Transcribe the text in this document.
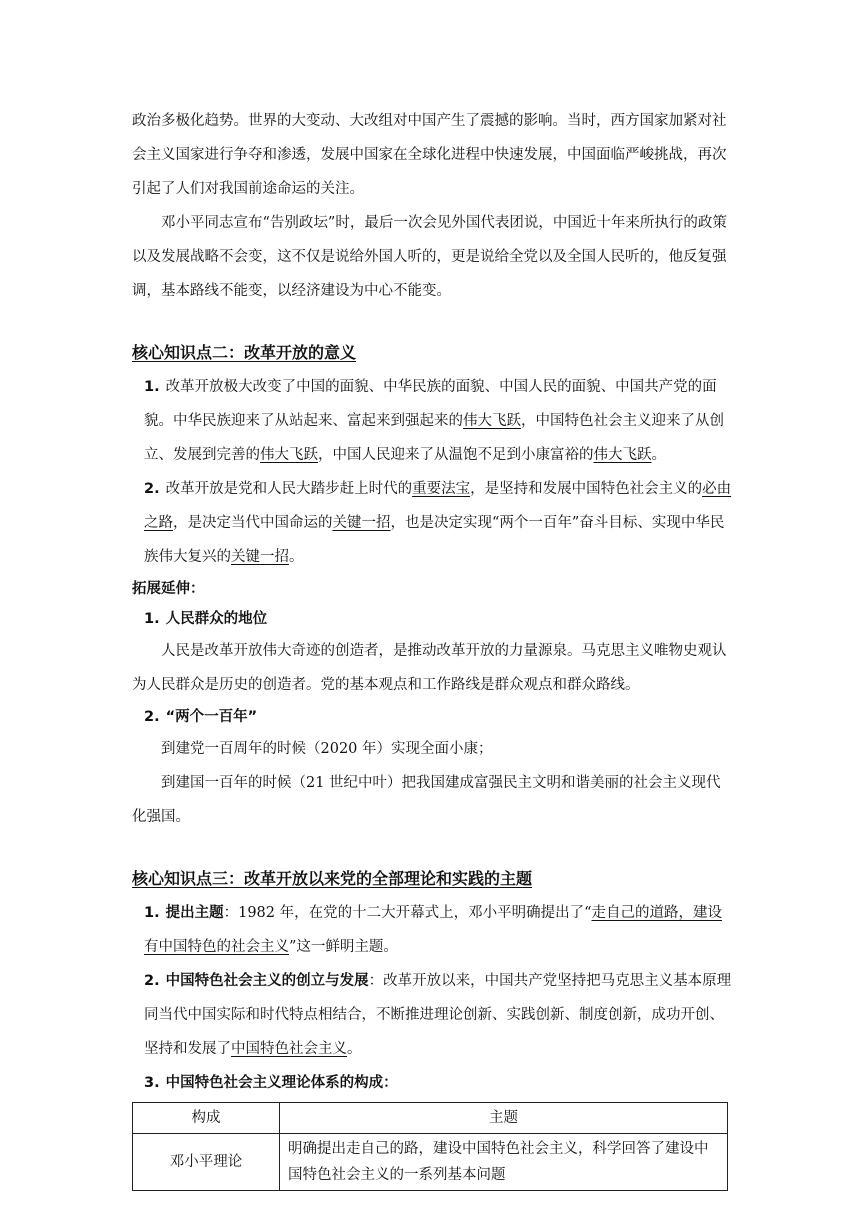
政治多极化趋势。世界的大变动、大改组对中国产生了震撼的影响。当时，西方国家加紧对社会主义国家进行争夺和渗透，发展中国家在全球化进程中快速发展，中国面临严峻挑战，再次引起了人们对我国前途命运的关注。

邓小平同志宣布“告别政坛”时，最后一次会见外国代表团说，中国近十年来所执行的政策以及发展战略不会变，这不仅是说给外国人听的，更是说给全党以及全国人民听的，他反复强调，基本路线不能变，以经济建设为中心不能变。

核心知识点二：改革开放的意义

1. 改革开放极大改变了中国的面貌、中华民族的面貌、中国人民的面貌、中国共产党的面貌。中华民族迎来了从站起来、富起来到强起来的伟大飞跃，中国特色社会主义迎来了从创立、发展到完善的伟大飞跃，中国人民迎来了从温饱不足到小康富裕的伟大飞跃。

2. 改革开放是党和人民大踏步赶上时代的重要法宝，是坚持和发展中国特色社会主义的必由之路，是决定当代中国命运的关键一招，也是决定实现“两个一百年”奋斗目标、实现中华民族伟大复兴的关键一招。

拓展延伸：

1. 人民群众的地位

人民是改革开放伟大奇迹的创造者，是推动改革开放的力量源泉。马克思主义唯物史观认为人民群众是历史的创造者。党的基本观点和工作路线是群众观点和群众路线。

2. “两个一百年”

到建党一百周年的时候（2020 年）实现全面小康；

到建国一百年的时候（21 世纪中叶）把我国建成富强民主文明和谐美丽的社会主义现代化强国。

核心知识点三：改革开放以来党的全部理论和实践的主题

1. 提出主题：1982 年，在党的十二大开幕式上，邓小平明确提出了“走自己的道路，建设有中国特色的社会主义”这一鲜明主题。

2. 中国特色社会主义的创立与发展：改革开放以来，中国共产党坚持把马克思主义基本原理同当代中国实际和时代特点相结合，不断推进理论创新、实践创新、制度创新，成功开创、坚持和发展了中国特色社会主义。

3. 中国特色社会主义理论体系的构成：

构成	主题
邓小平理论	明确提出走自己的路，建设中国特色社会主义，科学回答了建设中国特色社会主义的一系列基本问题
